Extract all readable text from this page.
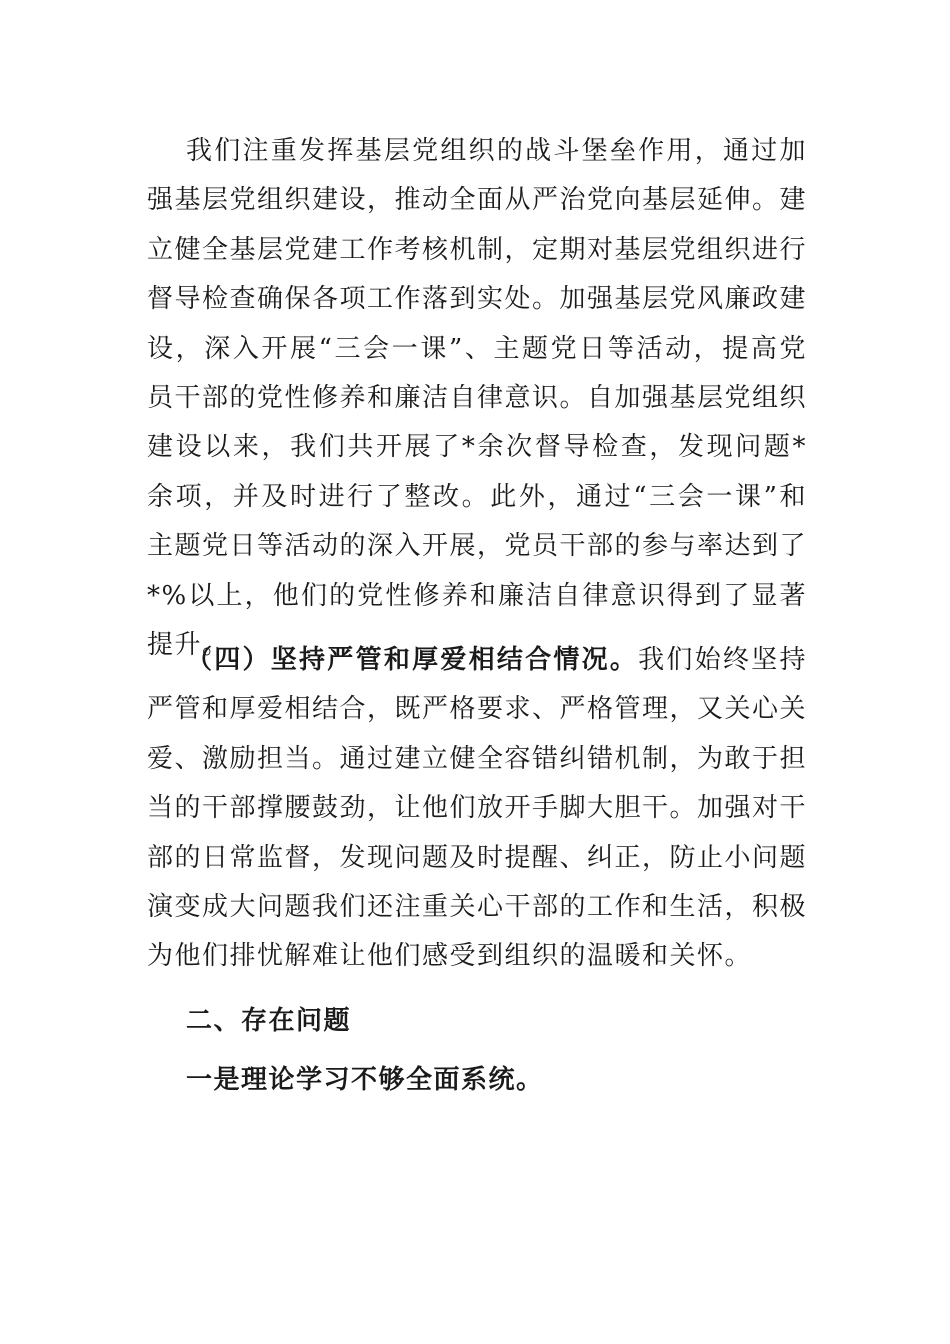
我们注重发挥基层党组织的战斗堡垒作用，通过加强基层党组织建设，推动全面从严治党向基层延伸。建立健全基层党建工作考核机制，定期对基层党组织进行督导检查确保各项工作落到实处。加强基层党风廉政建设，深入开展“三会一课”、主题党日等活动，提高党员干部的党性修养和廉洁自律意识。自加强基层党组织建设以来，我们共开展了*余次督导检查，发现问题*余项，并及时进行了整改。此外，通过“三会一课”和主题党日等活动的深入开展，党员干部的参与率达到了*%以上，他们的党性修养和廉洁自律意识得到了显著提升。

（四）坚持严管和厚爱相结合情况。我们始终坚持严管和厚爱相结合，既严格要求、严格管理，又关心关爱、激励担当。通过建立健全容错纠错机制，为敢于担当的干部撑腰鼓劲，让他们放开手脚大胆干。加强对干部的日常监督，发现问题及时提醒、纠正，防止小问题演变成大问题我们还注重关心干部的工作和生活，积极为他们排忧解难让他们感受到组织的温暖和关怀。

二、存在问题

一是理论学习不够全面系统。
